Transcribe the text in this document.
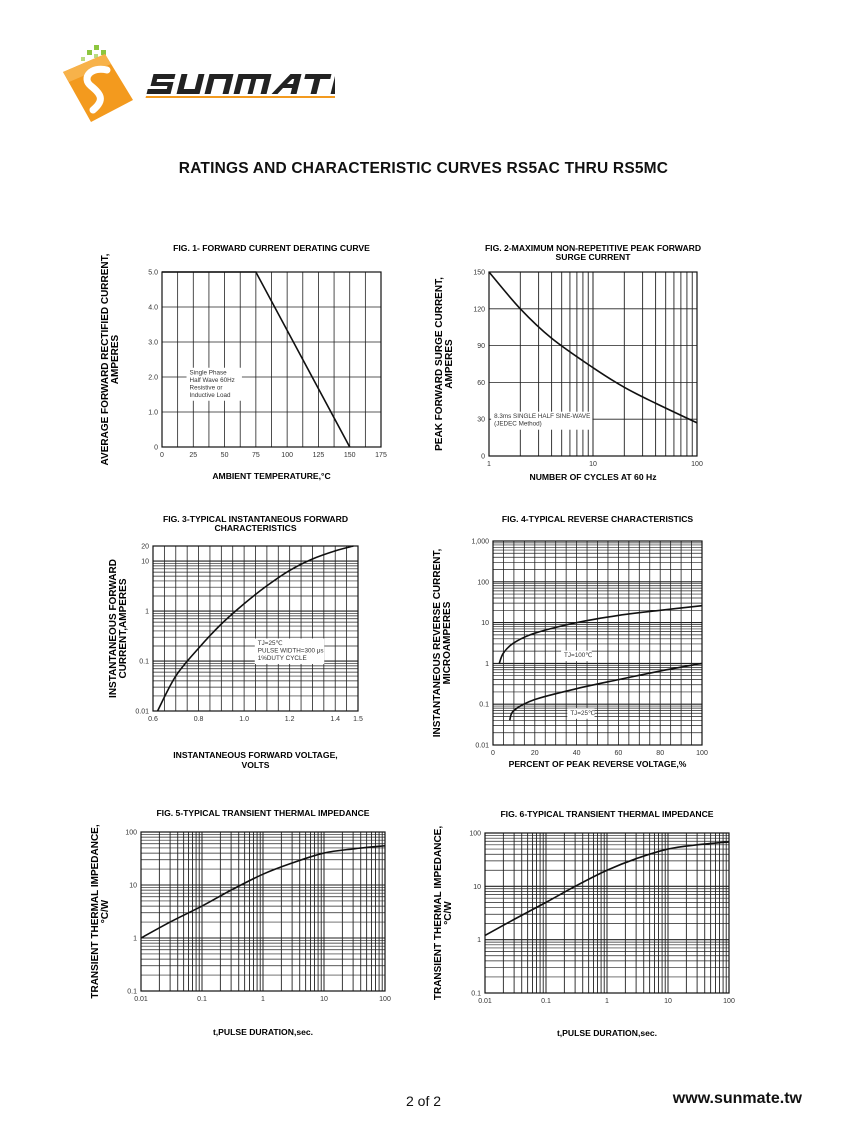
RATINGS AND CHARACTERISTIC CURVES RS5AC THRU RS5MC
0	25	50	75	100	125	150	175
0
1.0
2.0
3.0
4.0
5.0
FIG. 1- FORWARD CURRENT DERATING CURVE
AMBIENT TEMPERATURE,°C
AVERAGE FORWARD RECTIFIED CURRENT, AMPERES	Single Phase
Half Wave 60Hz
Resistive or
Inductive Load
1	10	100
0
30
60
90
120
150
FIG. 2-MAXIMUM NON-REPETITIVE PEAK FORWARD
SURGE CURRENT
NUMBER OF CYCLES AT 60 Hz
PEAK FORWARD SURGE CURRENT, AMPERES
8.3ms SINGLE HALF SINE-WAVE
(JEDEC Method)
0.6	0.8	1.0	1.2	1.4 1.5
0.01
0.1
1
10
20
FIG. 3-TYPICAL INSTANTANEOUS FORWARD
CHARACTERISTICS
INSTANTANEOUS FORWARD VOLTAGE,
VOLTS
INSTANTANEOUS FORWARD CURRENT,AMPERES	TJ=25℃
PULSE WIDTH=300 μs
1%DUTY CYCLE
0	20	40	60	80	100
0.01
0.1
1
10
100
1,000
FIG. 4-TYPICAL REVERSE CHARACTERISTICS
PERCENT OF PEAK REVERSE VOLTAGE,%
INSTANTANEOUS REVERSE CURRENT, MICROAMPERES	TJ=100℃
TJ=25℃
0.01	0.1	1	10	100
0.1
1
10
100
FIG. 5-TYPICAL TRANSIENT THERMAL IMPEDANCE
t,PULSE DURATION,sec.
TRANSIENT THERMAL IMPEDANCE, °C/W
0.01	0.1	1	10	100
0.1
1
10
100
FIG. 6-TYPICAL TRANSIENT THERMAL IMPEDANCE
t,PULSE DURATION,sec.
TRANSIENT THERMAL IMPEDANCE, °C/W
2 of 2	www.sunmate.tw
